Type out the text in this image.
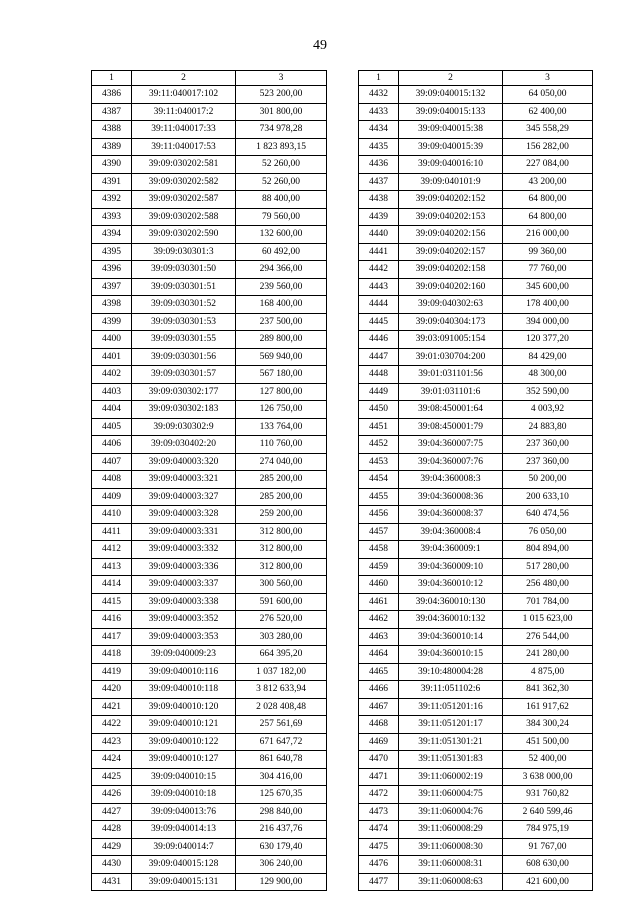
49
1	2	3
4386	39:11:040017:102	523 200,00
4387	39:11:040017:2	301 800,00
4388	39:11:040017:33	734 978,28
4389	39:11:040017:53	1 823 893,15
4390	39:09:030202:581	52 260,00
4391	39:09:030202:582	52 260,00
4392	39:09:030202:587	88 400,00
4393	39:09:030202:588	79 560,00
4394	39:09:030202:590	132 600,00
4395	39:09:030301:3	60 492,00
4396	39:09:030301:50	294 366,00
4397	39:09:030301:51	239 560,00
4398	39:09:030301:52	168 400,00
4399	39:09:030301:53	237 500,00
4400	39:09:030301:55	289 800,00
4401	39:09:030301:56	569 940,00
4402	39:09:030301:57	567 180,00
4403	39:09:030302:177	127 800,00
4404	39:09:030302:183	126 750,00
4405	39:09:030302:9	133 764,00
4406	39:09:030402:20	110 760,00
4407	39:09:040003:320	274 040,00
4408	39:09:040003:321	285 200,00
4409	39:09:040003:327	285 200,00
4410	39:09:040003:328	259 200,00
4411	39:09:040003:331	312 800,00
4412	39:09:040003:332	312 800,00
4413	39:09:040003:336	312 800,00
4414	39:09:040003:337	300 560,00
4415	39:09:040003:338	591 600,00
4416	39:09:040003:352	276 520,00
4417	39:09:040003:353	303 280,00
4418	39:09:040009:23	664 395,20
4419	39:09:040010:116	1 037 182,00
4420	39:09:040010:118	3 812 633,94
4421	39:09:040010:120	2 028 408,48
4422	39:09:040010:121	257 561,69
4423	39:09:040010:122	671 647,72
4424	39:09:040010:127	861 640,78
4425	39:09:040010:15	304 416,00
4426	39:09:040010:18	125 670,35
4427	39:09:040013:76	298 840,00
4428	39:09:040014:13	216 437,76
4429	39:09:040014:7	630 179,40
4430	39:09:040015:128	306 240,00
4431	39:09:040015:131	129 900,00
1	2	3
4432	39:09:040015:132	64 050,00
4433	39:09:040015:133	62 400,00
4434	39:09:040015:38	345 558,29
4435	39:09:040015:39	156 282,00
4436	39:09:040016:10	227 084,00
4437	39:09:040101:9	43 200,00
4438	39:09:040202:152	64 800,00
4439	39:09:040202:153	64 800,00
4440	39:09:040202:156	216 000,00
4441	39:09:040202:157	99 360,00
4442	39:09:040202:158	77 760,00
4443	39:09:040202:160	345 600,00
4444	39:09:040302:63	178 400,00
4445	39:09:040304:173	394 000,00
4446	39:03:091005:154	120 377,20
4447	39:01:030704:200	84 429,00
4448	39:01:031101:56	48 300,00
4449	39:01:031101:6	352 590,00
4450	39:08:450001:64	4 003,92
4451	39:08:450001:79	24 883,80
4452	39:04:360007:75	237 360,00
4453	39:04:360007:76	237 360,00
4454	39:04:360008:3	50 200,00
4455	39:04:360008:36	200 633,10
4456	39:04:360008:37	640 474,56
4457	39:04:360008:4	76 050,00
4458	39:04:360009:1	804 894,00
4459	39:04:360009:10	517 280,00
4460	39:04:360010:12	256 480,00
4461	39:04:360010:130	701 784,00
4462	39:04:360010:132	1 015 623,00
4463	39:04:360010:14	276 544,00
4464	39:04:360010:15	241 280,00
4465	39:10:480004:28	4 875,00
4466	39:11:051102:6	841 362,30
4467	39:11:051201:16	161 917,62
4468	39:11:051201:17	384 300,24
4469	39:11:051301:21	451 500,00
4470	39:11:051301:83	52 400,00
4471	39:11:060002:19	3 638 000,00
4472	39:11:060004:75	931 760,82
4473	39:11:060004:76	2 640 599,46
4474	39:11:060008:29	784 975,19
4475	39:11:060008:30	91 767,00
4476	39:11:060008:31	608 630,00
4477	39:11:060008:63	421 600,00
